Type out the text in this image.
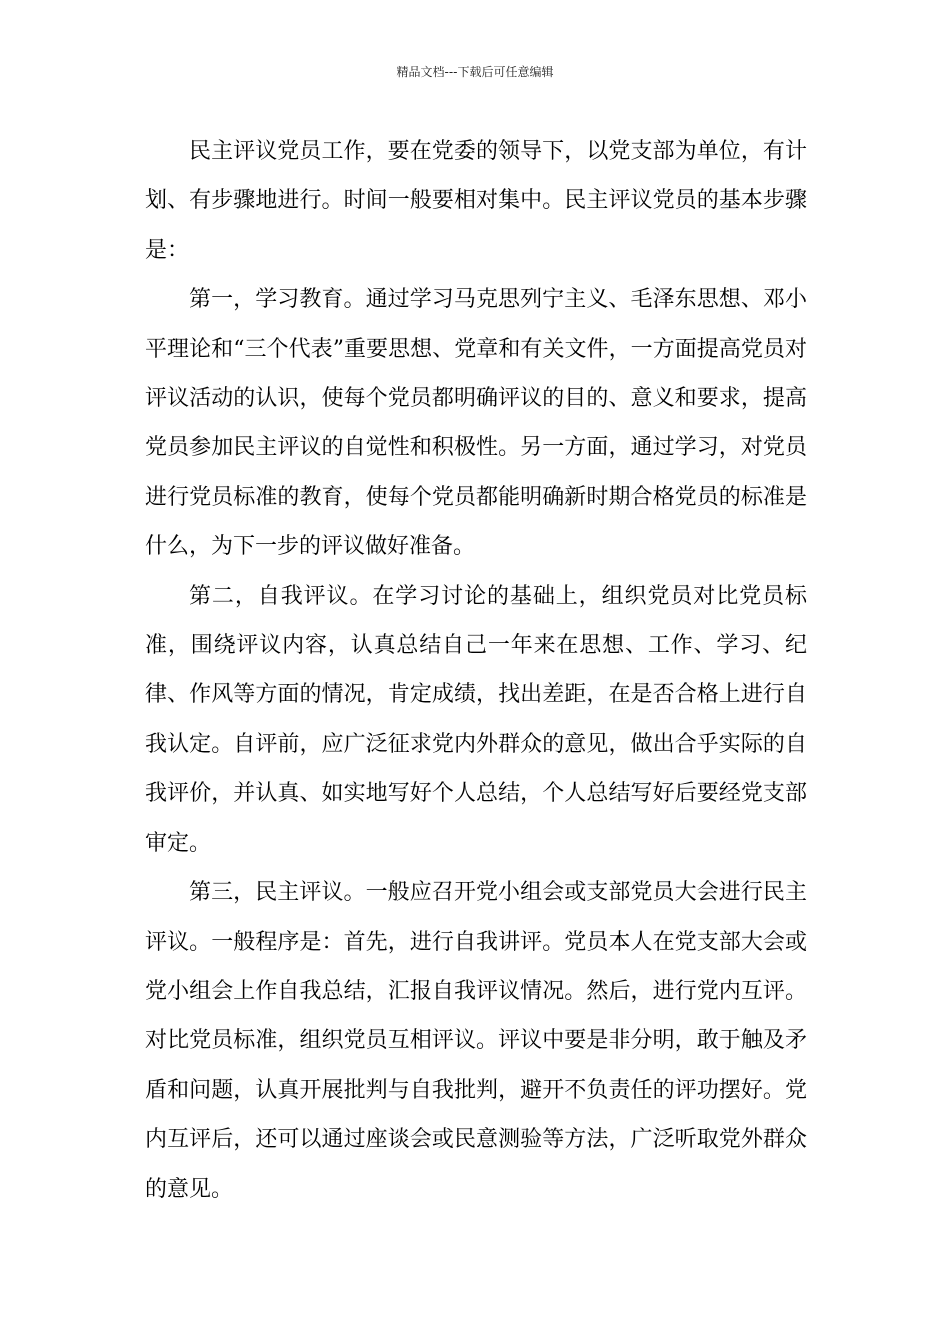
精品文档---下载后可任意编辑

民主评议党员工作，要在党委的领导下，以党支部为单位，有计划、有步骤地进行。时间一般要相对集中。民主评议党员的基本步骤是：

第一，学习教育。通过学习马克思列宁主义、毛泽东思想、邓小平理论和“三个代表”重要思想、党章和有关文件，一方面提高党员对评议活动的认识，使每个党员都明确评议的目的、意义和要求，提高党员参加民主评议的自觉性和积极性。另一方面，通过学习，对党员进行党员标准的教育，使每个党员都能明确新时期合格党员的标准是什么，为下一步的评议做好准备。

第二，自我评议。在学习讨论的基础上，组织党员对比党员标准，围绕评议内容，认真总结自己一年来在思想、工作、学习、纪律、作风等方面的情况，肯定成绩，找出差距，在是否合格上进行自我认定。自评前，应广泛征求党内外群众的意见，做出合乎实际的自我评价，并认真、如实地写好个人总结，个人总结写好后要经党支部审定。

第三，民主评议。一般应召开党小组会或支部党员大会进行民主评议。一般程序是：首先，进行自我讲评。党员本人在党支部大会或党小组会上作自我总结，汇报自我评议情况。然后，进行党内互评。对比党员标准，组织党员互相评议。评议中要是非分明，敢于触及矛盾和问题，认真开展批判与自我批判，避开不负责任的评功摆好。党内互评后，还可以通过座谈会或民意测验等方法，广泛听取党外群众的意见。
